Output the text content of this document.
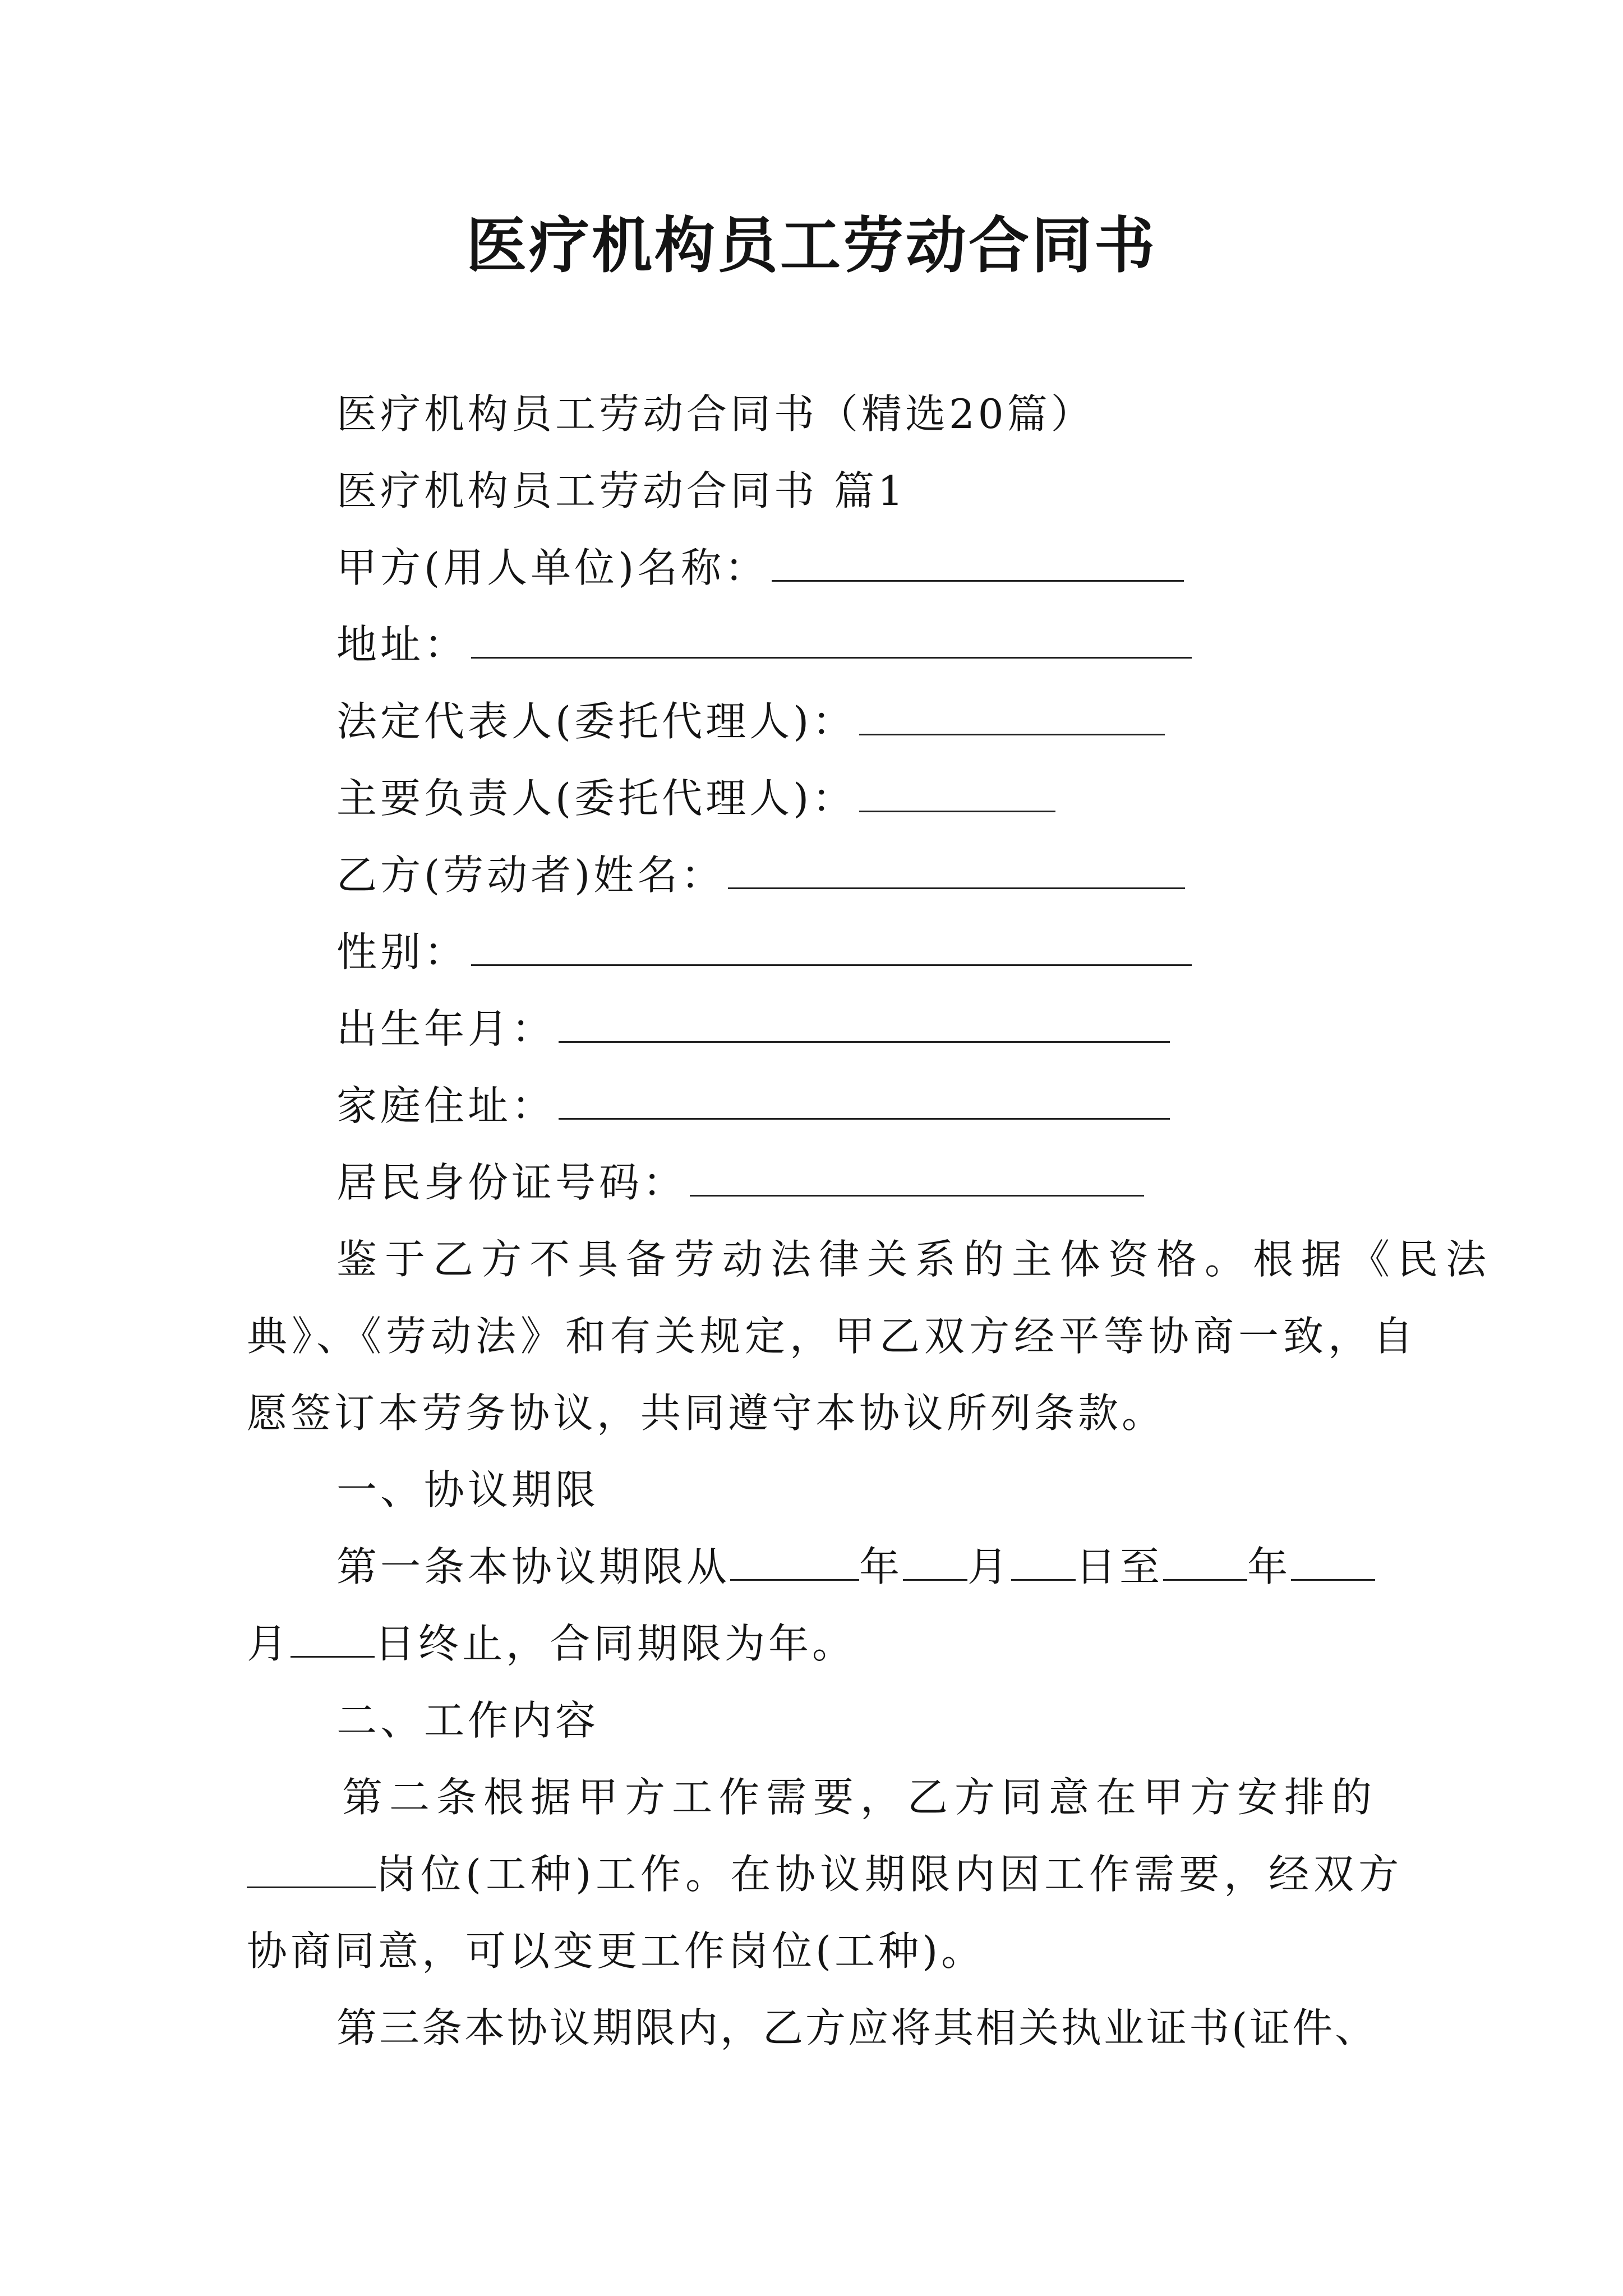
医疗机构员工劳动合同书
医疗机构员工劳动合同书（精选20篇）
医疗机构员工劳动合同书 篇1
甲方(用人单位)名称：
地址：
法定代表人(委托代理人)：
主要负责人(委托代理人)：
乙方(劳动者)姓名：
性别：
出生年月：
家庭住址：
居民身份证号码：
鉴于乙方不具备劳动法律关系的主体资格。根据《民法
典》、《劳动法》和有关规定，甲乙双方经平等协商一致，自
愿签订本劳务协议，共同遵守本协议所列条款。
一、协议期限
第一条本协议期限从	年 月 日至 年
月 日终止，合同期限为年。
二、工作内容
第二条根据甲方工作需要，乙方同意在甲方安排的
岗位(工种)工作。在协议期限内因工作需要，经双方
协商同意，可以变更工作岗位(工种)。
第三条本协议期限内，乙方应将其相关执业证书(证件、
